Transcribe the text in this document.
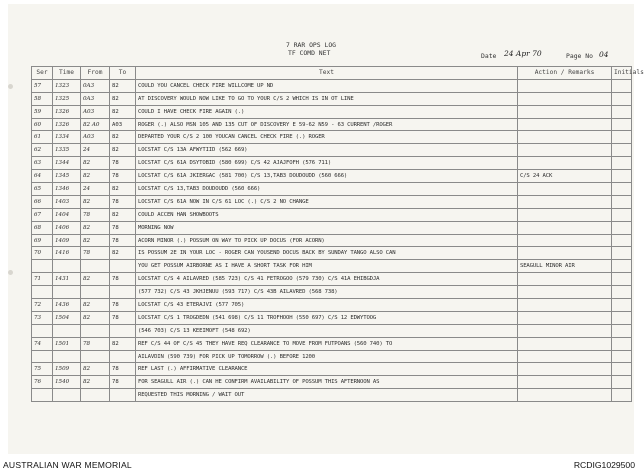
7 RAR OPS LOG
TF COMD NET	Date 24 Apr 70	Page No 04
Ser	Time	From	To	Text	Action / Remarks	Initials
57	1323	0A3	82	COULD YOU CANCEL CHECK FIRE WILLCOME UP ND		
58	1325	0A3	82	AT DISCOVERY WOULD NOW LIKE TO GO TO YOUR C/S 2 WHICH IS IN OT LINE		
59	1326	A03	82	COULD I HAVE CHECK FIRE AGAIN (.)		
60	1326	82 A0	A03	ROGER (.) ALSO MSN 105 AND 135 CUT OF DISCOVERY E 59-62 N59 - 63 CURRENT /ROGER		
61	1334	A03	82	DEPARTED YOUR C/S 2 100 YOUCAN CANCEL CHECK FIRE (.) ROGER		
62	1335	24	82	LOCSTAT C/S 13A AFWYTIID (562 669)		
63	1344	82	78	LOCSTAT C/S 61A DSYTOBID (580 699) C/S 42 AJAJFOFH (576 711)		
64	1345	82	78	LOCSTAT C/S 61A JKIERGAC (581 700) C/S 13,TAB3 DOUDOUDD (560 666)	C/S 24 ACK	
65	1346	24	82	LOCSTAT C/S 13,TAB3 DOUDOUDD (560 666)		
66	1403	82	78	LOCSTAT C/S 61A NOW IN C/S 61 LOC (.) C/S 2 NO CHANGE		
67	1404	78	82	COULD ACCEN HAN SHOWBOOTS		
68	1406	82	78	MORNING NOW		
69	1409	82	78	ACORN MINOR (.) POSSUM ON WAY TO PICK UP DOCUS (FOR ACORN)		
70	1416	78	82	IS POSSUM 2E IN YOUR LOC - ROGER CAN YOUSEND DOCUS BACK BY SUNDAY TANGO ALSO CAN		
				YOU GET POSSUM AIRBORNE AS I HAVE A SHORT TASK FOR HIM	SEAGULL MINOR AIR	
71	1431	82	78	LOCSTAT C/S 4 AILAVRED (585 723) C/S 41 FETROGOO (579 730) C/S 41A EHIBGDJA		
				(577 732) C/S 43 JKHJENUU (593 717) C/S 43B AILAVRED (568 738)		
72	1436	82	78	LOCSTAT C/S 43 ETERAJVI (577 705)		
73	1504	82	78	LOCSTAT C/S 1 TROGDEDN (541 698) C/S 11 TROFHOOH (550 697) C/S 12 EDWYTOOG		
				(546 703) C/S 13 KEEIMOFT (548 692)		
74	1501	78	82	REF C/S 44 OF C/S 45 THEY HAVE REQ CLEARANCE TO MOVE FROM FUTPOANS (560 740) TO		
				AILAVDIN (590 739) FOR PICK UP TOMORROW (.) BEFORE 1200		
75	1509	82	78	REF LAST (.) AFFIRMATIVE CLEARANCE		
76	1540	82	78	FOR SEAGULL AIR (.) CAN HE CONFIRM AVAILABILITY OF POSSUM THIS AFTERNOON AS		
				REQUESTED THIS MORNING / WAIT OUT		
AUSTRALIAN WAR MEMORIAL	RCDIG1029500
